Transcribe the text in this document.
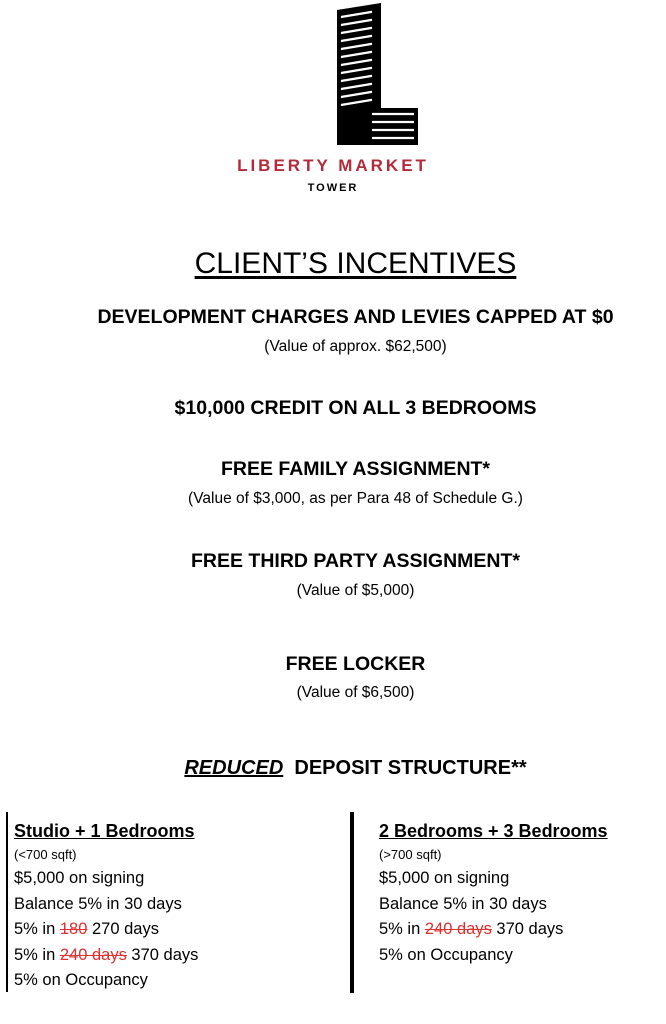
LIBERTY MARKET
TOWER
CLIENT’S INCENTIVES
DEVELOPMENT CHARGES AND LEVIES CAPPED AT $0
(Value of approx. $62,500)
$10,000 CREDIT ON ALL 3 BEDROOMS
FREE FAMILY ASSIGNMENT*
(Value of $3,000, as per Para 48 of Schedule G.)
FREE THIRD PARTY ASSIGNMENT*
(Value of $5,000)
FREE LOCKER
(Value of $6,500)
REDUCED DEPOSIT STRUCTURE**
Studio + 1 Bedrooms
(<700 sqft)
$5,000 on signing
Balance 5% in 30 days
5% in 180 270 days
5% in 240 days 370 days
5% on Occupancy
2 Bedrooms + 3 Bedrooms
(>700 sqft)
$5,000 on signing
Balance 5% in 30 days
5% in 240 days 370 days
5% on Occupancy
